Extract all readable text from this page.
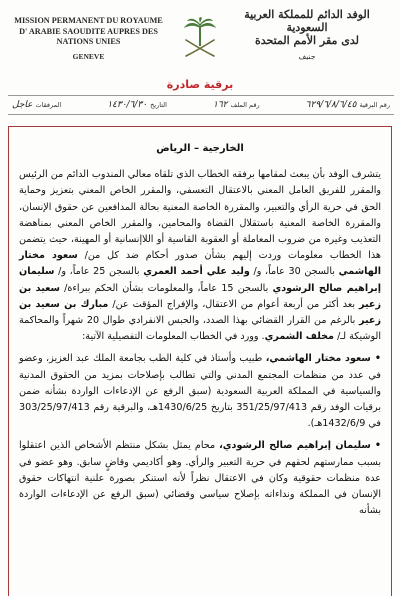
MISSION PERMANENT DU ROYAUME
D' ARABIE SAOUDITE AUPRES DES NATIONS UNIES
GENEVE
الوفد الدائم للمملكة العربية السعودية
لدى مقر الأمم المتحدة
جنيف
برقية صادرة
رقم البرقية
٦٢٩/٦/٨/٦/٤٥
رقم الملف
١٦٢
التاريخ
١٤٣٠/٦/٣٠
المرفقات
عاجل
الخارجية – الرياض

يتشرف الوفد بأن يبعث لمقامها برفقه الخطاب الذي تلقاه معالي المندوب الدائم من الرئيس والمقرر للفريق العامل المعني بالاعتقال التعسفي، والمقرر الخاص المعني بتعزيز وحماية الحق في حرية الرأي والتعبير، والمقررة الخاصة المعنية بحالة المدافعين عن حقوق الإنسان، والمقررة الخاصة المعنية باستقلال القضاة والمحامين، والمقرر الخاص المعني بمناهضة التعذيب وغيره من ضروب المعاملة أو العقوبة القاسية أو اللاإنسانية أو المهينة، حيث يتضمن هذا الخطاب معلومات وردت إليهم بشأن صدور أحكام ضد كل من/ سعود مختار الهاشمي بالسجن 30 عاماً، و/ وليد علي أحمد العمري بالسجن 25 عاماً، و/ سليمان إبراهيم صالح الرشودي بالسجن 15 عاماً، والمعلومات بشأن الحكم ببراءة/ سعيد بن زعير بعد أكثر من أربعة أعوام من الاعتقال، والإفراج المؤقت عن/ مبارك بن سعيد بن زعير بالرغم من القرار القضائي بهذا الصدد، والحبس الانفرادي طوال 20 شهراً والمحاكمة الوشيكة لـ/ مخلف الشمري. وورد في الخطاب المعلومات التفصيلية الآتية:

•سعود مختار الهاشمي، طبيب وأستاذ في كلية الطب بجامعة الملك عبد العزيز، وعضو في عدد من منظمات المجتمع المدني والتي تطالب بإصلاحات بمزيد من الحقوق المدنية والسياسية في المملكة العربية السعودية (سبق الرفع عن الإدعاءات الواردة بشأنه ضمن برقيات الوفد رقم 351/25/97/413 بتاريخ 1430/6/25هـ، والبرقية رقم 303/25/97/413 في 1432/6/9هـ).

•سليمان إبراهيم صالح الرشودي، محام يمثل بشكل منتظم الأشخاص الذين اعتقلوا بسبب ممارستهم لحقهم في حرية التعبير والرأي. وهو أكاديمي وقاضٍ سابق. وهو عضو في عدة منظمات حقوقية وكان في الاعتقال نظراً لأنه استنكر بصورة علنية انتهاكات حقوق الإنسان في المملكة ونداءاته بإصلاح سياسي وقضائي (سبق الرفع عن الإدعاءات الواردة بشأنه
